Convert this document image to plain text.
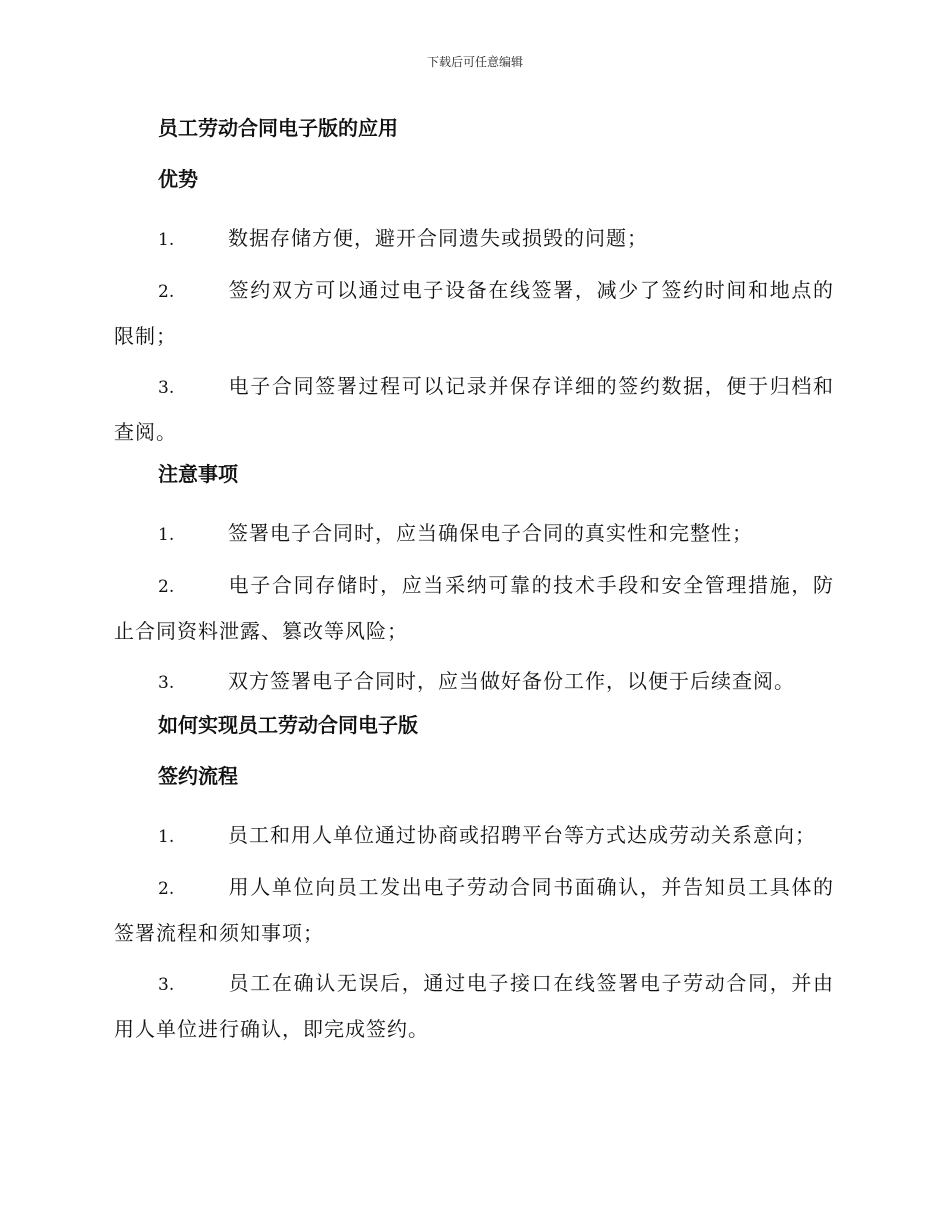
下载后可任意编辑
员工劳动合同电子版的应用
优势

1.	数据存储方便，避开合同遗失或损毁的问题；

2.	签约双方可以通过电子设备在线签署，减少了签约时间和地点的限制；

3.	电子合同签署过程可以记录并保存详细的签约数据，便于归档和查阅。

注意事项

1.	签署电子合同时，应当确保电子合同的真实性和完整性；

2.	电子合同存储时，应当采纳可靠的技术手段和安全管理措施，防止合同资料泄露、篡改等风险；

3.	双方签署电子合同时，应当做好备份工作，以便于后续查阅。

如何实现员工劳动合同电子版
签约流程

1.	员工和用人单位通过协商或招聘平台等方式达成劳动关系意向；

2.	用人单位向员工发出电子劳动合同书面确认，并告知员工具体的签署流程和须知事项；

3.	员工在确认无误后，通过电子接口在线签署电子劳动合同，并由用人单位进行确认，即完成签约。
